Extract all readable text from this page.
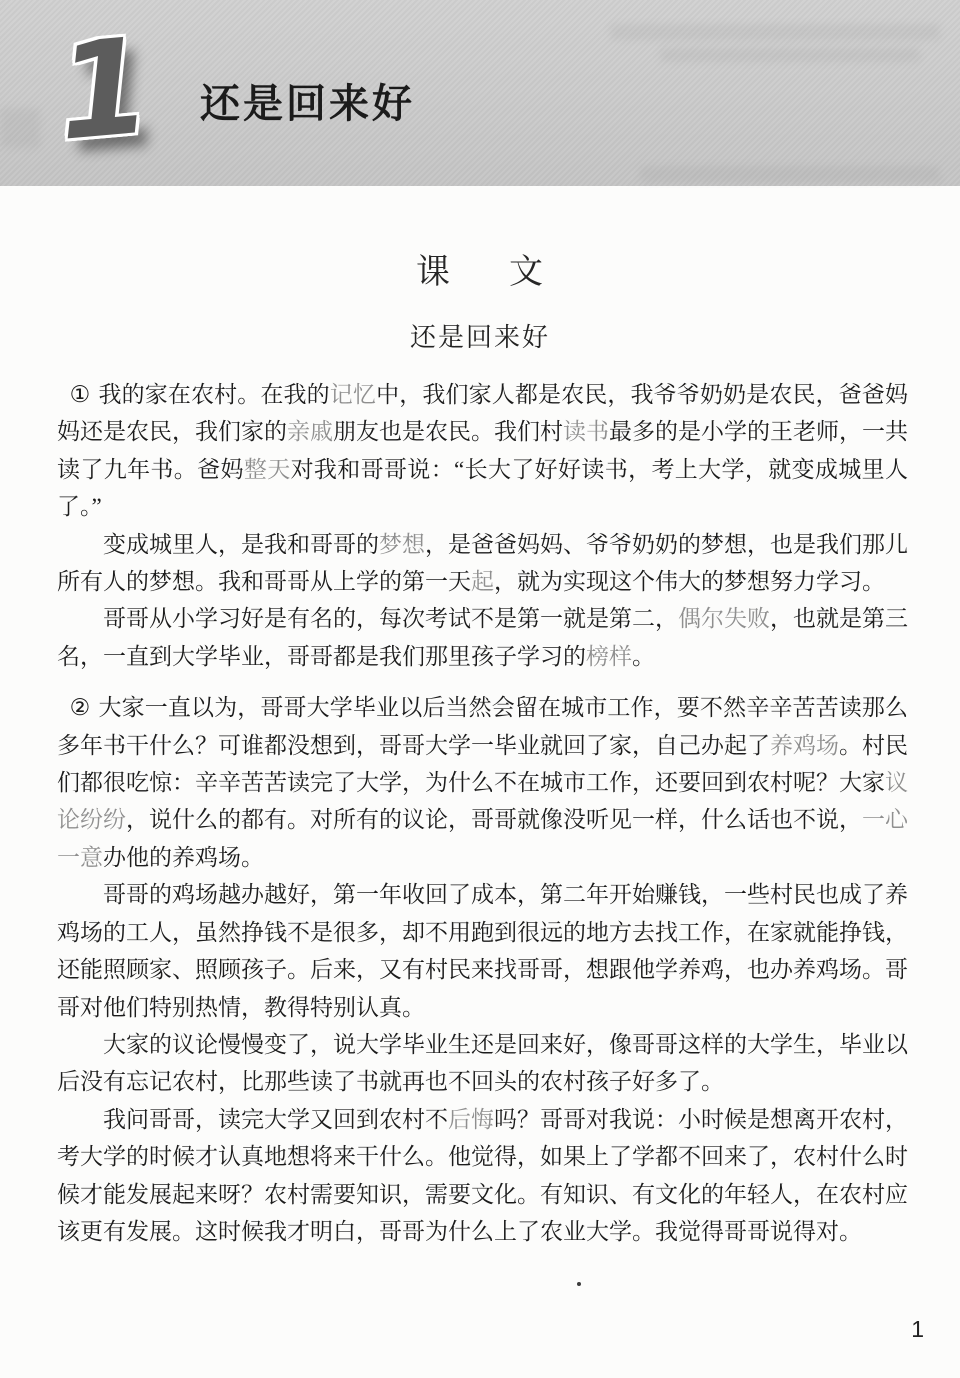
1 还是回来好
课 文
还是回来好

① 我的家在农村。在我的记忆中，我们家人都是农民，我爷爷奶奶是农民，爸爸妈妈还是农民，我们家的亲戚朋友也是农民。我们村读书最多的是小学的王老师，一共读了九年书。爸妈整天对我和哥哥说：“长大了好好读书，考上大学，就变成城里人了。”

变成城里人，是我和哥哥的梦想，是爸爸妈妈、爷爷奶奶的梦想，也是我们那儿所有人的梦想。我和哥哥从上学的第一天起，就为实现这个伟大的梦想努力学习。

哥哥从小学习好是有名的，每次考试不是第一就是第二，偶尔失败，也就是第三名，一直到大学毕业，哥哥都是我们那里孩子学习的榜样。

② 大家一直以为，哥哥大学毕业以后当然会留在城市工作，要不然辛辛苦苦读那么多年书干什么？可谁都没想到，哥哥大学一毕业就回了家，自己办起了养鸡场。村民们都很吃惊：辛辛苦苦读完了大学，为什么不在城市工作，还要回到农村呢？大家议论纷纷，说什么的都有。对所有的议论，哥哥就像没听见一样，什么话也不说，一心一意办他的养鸡场。

哥哥的鸡场越办越好，第一年收回了成本，第二年开始赚钱，一些村民也成了养鸡场的工人，虽然挣钱不是很多，却不用跑到很远的地方去找工作，在家就能挣钱，还能照顾家、照顾孩子。后来，又有村民来找哥哥，想跟他学养鸡，也办养鸡场。哥哥对他们特别热情，教得特别认真。

大家的议论慢慢变了，说大学毕业生还是回来好，像哥哥这样的大学生，毕业以后没有忘记农村，比那些读了书就再也不回头的农村孩子好多了。

我问哥哥，读完大学又回到农村不后悔吗？哥哥对我说：小时候是想离开农村，考大学的时候才认真地想将来干什么。他觉得，如果上了学都不回来了，农村什么时候才能发展起来呀？农村需要知识，需要文化。有知识、有文化的年轻人，在农村应该更有发展。这时候我才明白，哥哥为什么上了农业大学。我觉得哥哥说得对。

1
